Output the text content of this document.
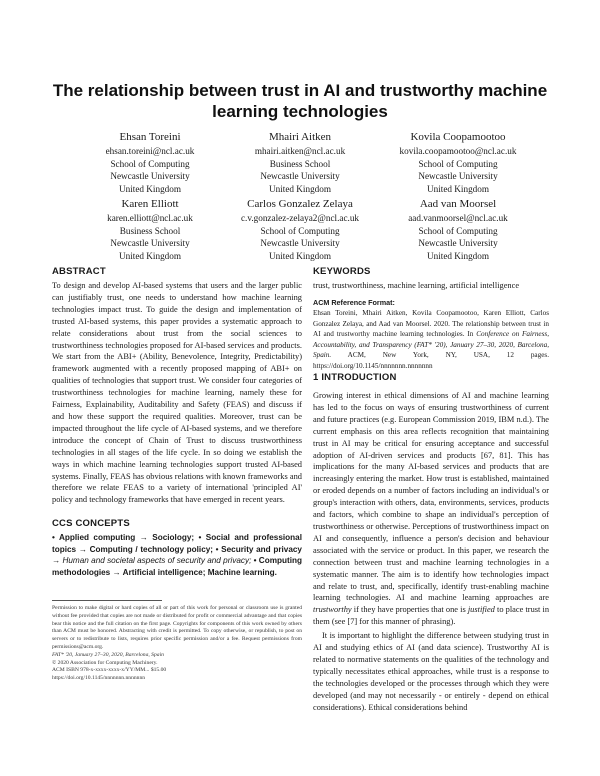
The relationship between trust in AI and trustworthy machine learning technologies
Ehsan Toreini
ehsan.toreini@ncl.ac.uk
School of Computing
Newcastle University
United Kingdom
Mhairi Aitken
mhairi.aitken@ncl.ac.uk
Business School
Newcastle University
United Kingdom
Kovila Coopamootoo
kovila.coopamootoo@ncl.ac.uk
School of Computing
Newcastle University
United Kingdom
Karen Elliott
karen.elliott@ncl.ac.uk
Business School
Newcastle University
United Kingdom
Carlos Gonzalez Zelaya
c.v.gonzalez-zelaya2@ncl.ac.uk
School of Computing
Newcastle University
United Kingdom
Aad van Moorsel
aad.vanmoorsel@ncl.ac.uk
School of Computing
Newcastle University
United Kingdom
ABSTRACT

To design and develop AI-based systems that users and the larger public can justifiably trust, one needs to understand how machine learning technologies impact trust. To guide the design and implementation of trusted AI-based systems, this paper provides a systematic approach to relate considerations about trust from the social sciences to trustworthiness technologies proposed for AI-based services and products. We start from the ABI+ (Ability, Benevolence, Integrity, Predictability) framework augmented with a recently proposed mapping of ABI+ on qualities of technologies that support trust. We consider four categories of trustworthiness technologies for machine learning, namely these for Fairness, Explainability, Auditability and Safety (FEAS) and discuss if and how these support the required qualities. Moreover, trust can be impacted throughout the life cycle of AI-based systems, and we therefore introduce the concept of Chain of Trust to discuss trustworthiness technologies in all stages of the life cycle. In so doing we establish the ways in which machine learning technologies support trusted AI-based systems. Finally, FEAS has obvious relations with known frameworks and therefore we relate FEAS to a variety of international 'principled AI' policy and technology frameworks that have emerged in recent years.

CCS CONCEPTS
• Applied computing → Sociology; • Social and professional topics → Computing / technology policy; • Security and privacy → Human and societal aspects of security and privacy; • Computing methodologies → Artificial intelligence; Machine learning.
Permission to make digital or hard copies of all or part of this work for personal or classroom use is granted without fee provided that copies are not made or distributed for profit or commercial advantage and that copies bear this notice and the full citation on the first page. Copyrights for components of this work owned by others than ACM must be honored. Abstracting with credit is permitted. To copy otherwise, or republish, to post on servers or to redistribute to lists, requires prior specific permission and/or a fee. Request permissions from permissions@acm.org.
FAT* '20, January 27–30, 2020, Barcelona, Spain
© 2020 Association for Computing Machinery.
ACM ISBN 978-x-xxxx-xxxx-x/YY/MM... $15.00
https://doi.org/10.1145/nnnnnnn.nnnnnnn
KEYWORDS
trust, trustworthiness, machine learning, artificial intelligence
ACM Reference Format:
Ehsan Toreini, Mhairi Aitken, Kovila Coopamootoo, Karen Elliott, Carlos Gonzalez Zelaya, and Aad van Moorsel. 2020. The relationship between trust in AI and trustworthy machine learning technologies. In Conference on Fairness, Accountability, and Transparency (FAT* '20), January 27–30, 2020, Barcelona, Spain. ACM, New York, NY, USA, 12 pages. https://doi.org/10.1145/nnnnnnn.nnnnnnn
1 INTRODUCTION

Growing interest in ethical dimensions of AI and machine learning has led to the focus on ways of ensuring trustworthiness of current and future practices (e.g. European Commission 2019, IBM n.d.). The current emphasis on this area reflects recognition that maintaining trust in AI may be critical for ensuring acceptance and successful adoption of AI-driven services and products [67, 81]. This has implications for the many AI-based services and products that are increasingly entering the market. How trust is established, maintained or eroded depends on a number of factors including an individual's or group's interaction with others, data, environments, services, products and factors, which combine to shape an individual's perception of trustworthiness or otherwise. Perceptions of trustworthiness impact on AI and consequently, influence a person's decision and behaviour associated with the service or product. In this paper, we research the connection between trust and machine learning technologies in a systematic manner. The aim is to identify how technologies impact and relate to trust, and, specifically, identify trust-enabling machine learning technologies. AI and machine learning approaches are trustworthy if they have properties that one is justified to place trust in them (see [7] for this manner of phrasing).

It is important to highlight the difference between studying trust in AI and studying ethics of AI (and data science). Trustworthy AI is related to normative statements on the qualities of the technology and typically necessitates ethical approaches, while trust is a response to the technologies developed or the processes through which they were developed (and may not necessarily - or entirely - depend on ethical considerations). Ethical considerations behind
